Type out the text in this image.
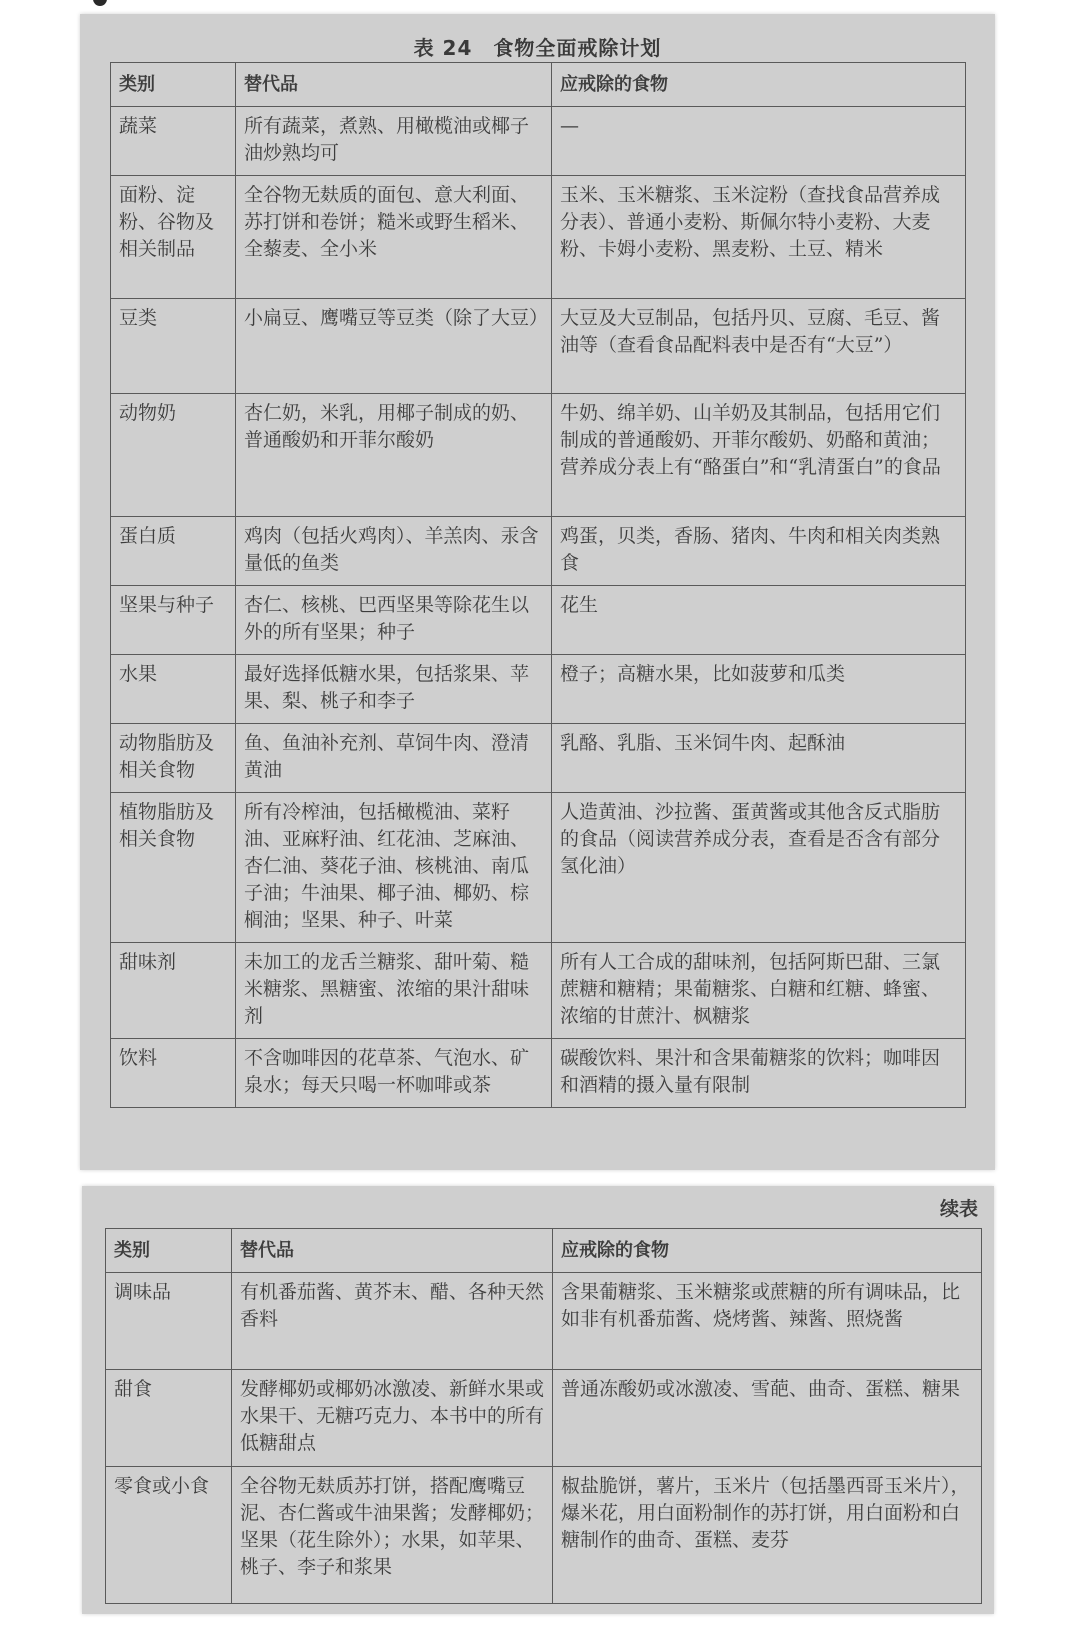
表 24　食物全面戒除计划
类别	替代品	应戒除的食物
蔬菜	所有蔬菜，煮熟、用橄榄油或椰子油炒熟均可	—
面粉、淀粉、谷物及相关制品	全谷物无麸质的面包、意大利面、苏打饼和卷饼；糙米或野生稻米、全藜麦、全小米	玉米、玉米糖浆、玉米淀粉（查找食品营养成分表）、普通小麦粉、斯佩尔特小麦粉、大麦粉、卡姆小麦粉、黑麦粉、土豆、精米
豆类	小扁豆、鹰嘴豆等豆类（除了大豆）	大豆及大豆制品，包括丹贝、豆腐、毛豆、酱油等（查看食品配料表中是否有“大豆”）
动物奶	杏仁奶，米乳，用椰子制成的奶、普通酸奶和开菲尔酸奶	牛奶、绵羊奶、山羊奶及其制品，包括用它们制成的普通酸奶、开菲尔酸奶、奶酪和黄油；营养成分表上有“酪蛋白”和“乳清蛋白”的食品
蛋白质	鸡肉（包括火鸡肉）、羊羔肉、汞含量低的鱼类	鸡蛋，贝类，香肠、猪肉、牛肉和相关肉类熟食
坚果与种子	杏仁、核桃、巴西坚果等除花生以外的所有坚果；种子	花生
水果	最好选择低糖水果，包括浆果、苹果、梨、桃子和李子	橙子；高糖水果，比如菠萝和瓜类
动物脂肪及相关食物	鱼、鱼油补充剂、草饲牛肉、澄清黄油	乳酪、乳脂、玉米饲牛肉、起酥油
植物脂肪及相关食物	所有冷榨油，包括橄榄油、菜籽油、亚麻籽油、红花油、芝麻油、杏仁油、葵花子油、核桃油、南瓜子油；牛油果、椰子油、椰奶、棕榈油；坚果、种子、叶菜	人造黄油、沙拉酱、蛋黄酱或其他含反式脂肪的食品（阅读营养成分表，查看是否含有部分氢化油）
甜味剂	未加工的龙舌兰糖浆、甜叶菊、糙米糖浆、黑糖蜜、浓缩的果汁甜味剂	所有人工合成的甜味剂，包括阿斯巴甜、三氯蔗糖和糖精；果葡糖浆、白糖和红糖、蜂蜜、浓缩的甘蔗汁、枫糖浆
饮料	不含咖啡因的花草茶、气泡水、矿泉水；每天只喝一杯咖啡或茶	碳酸饮料、果汁和含果葡糖浆的饮料；咖啡因和酒精的摄入量有限制
续表
类别	替代品	应戒除的食物
调味品	有机番茄酱、黄芥末、醋、各种天然香料	含果葡糖浆、玉米糖浆或蔗糖的所有调味品，比如非有机番茄酱、烧烤酱、辣酱、照烧酱
甜食	发酵椰奶或椰奶冰激凌、新鲜水果或水果干、无糖巧克力、本书中的所有低糖甜点	普通冻酸奶或冰激凌、雪葩、曲奇、蛋糕、糖果
零食或小食	全谷物无麸质苏打饼，搭配鹰嘴豆泥、杏仁酱或牛油果酱；发酵椰奶；坚果（花生除外）；水果，如苹果、桃子、李子和浆果	椒盐脆饼，薯片，玉米片（包括墨西哥玉米片），爆米花，用白面粉制作的苏打饼，用白面粉和白糖制作的曲奇、蛋糕、麦芬
